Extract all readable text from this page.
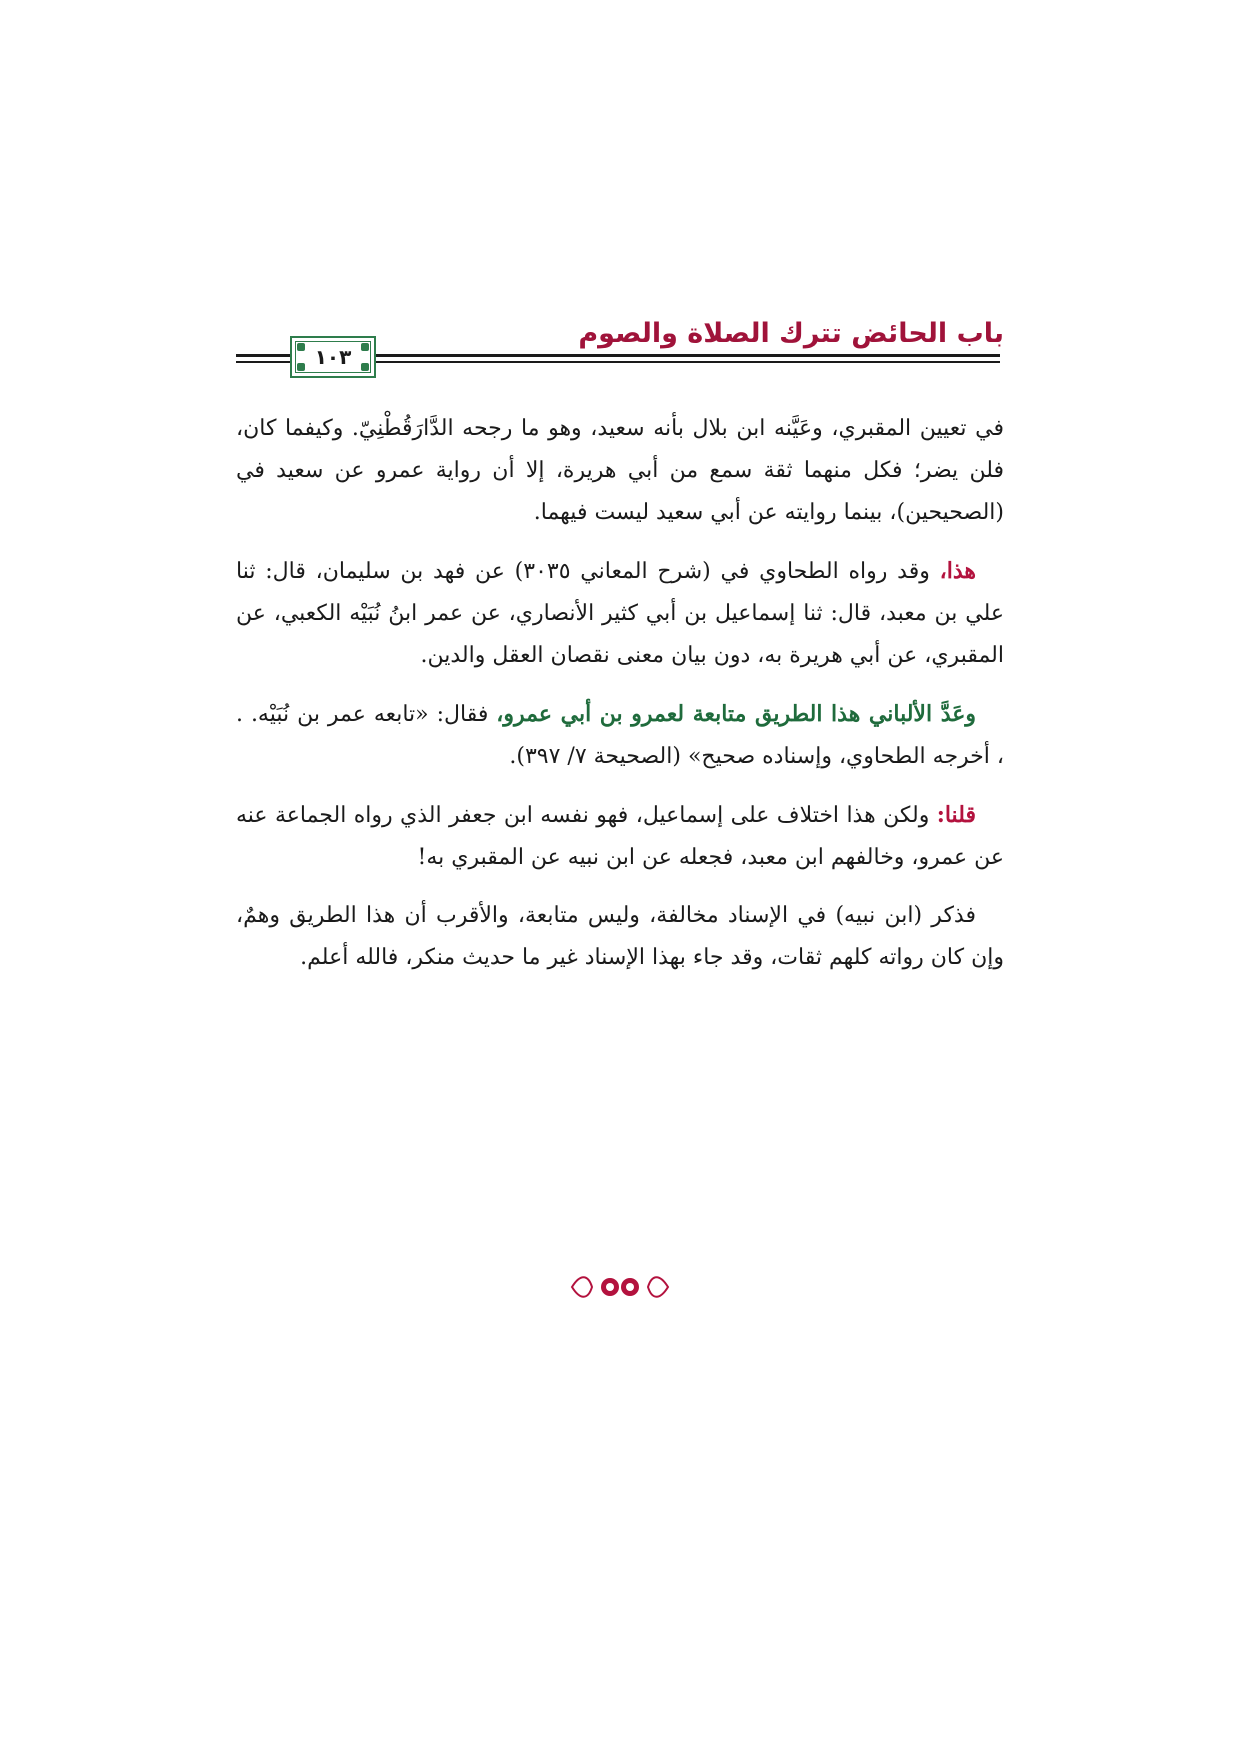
باب الحائض تترك الصلاة والصوم
١٠٣

في تعيين المقبري، وعَيَّنه ابن بلال بأنه سعيد، وهو ما رجحه الدَّارَقُطْنِيّ. وكيفما كان، فلن يضر؛ فكل منهما ثقة سمع من أبي هريرة، إلا أن رواية عمرو عن سعيد في (الصحيحين)، بينما روايته عن أبي سعيد ليست فيهما.

هذا، وقد رواه الطحاوي في (شرح المعاني ٣٠٣٥) عن فهد بن سليمان، قال: ثنا علي بن معبد، قال: ثنا إسماعيل بن أبي كثير الأنصاري، عن عمر ابنُ نُبَيْه الكعبي، عن المقبري، عن أبي هريرة به، دون بيان معنى نقصان العقل والدين.

وعَدَّ الألباني هذا الطريق متابعة لعمرو بن أبي عمرو، فقال: «تابعه عمر بن نُبَيْه. . ، أخرجه الطحاوي، وإسناده صحيح» (الصحيحة ٧/ ٣٩٧).

قلنا: ولكن هذا اختلاف على إسماعيل، فهو نفسه ابن جعفر الذي رواه الجماعة عنه عن عمرو، وخالفهم ابن معبد، فجعله عن ابن نبيه عن المقبري به!

فذكر (ابن نبيه) في الإسناد مخالفة، وليس متابعة، والأقرب أن هذا الطريق وهمٌ، وإن كان رواته كلهم ثقات، وقد جاء بهذا الإسناد غير ما حديث منكر، فالله أعلم.
